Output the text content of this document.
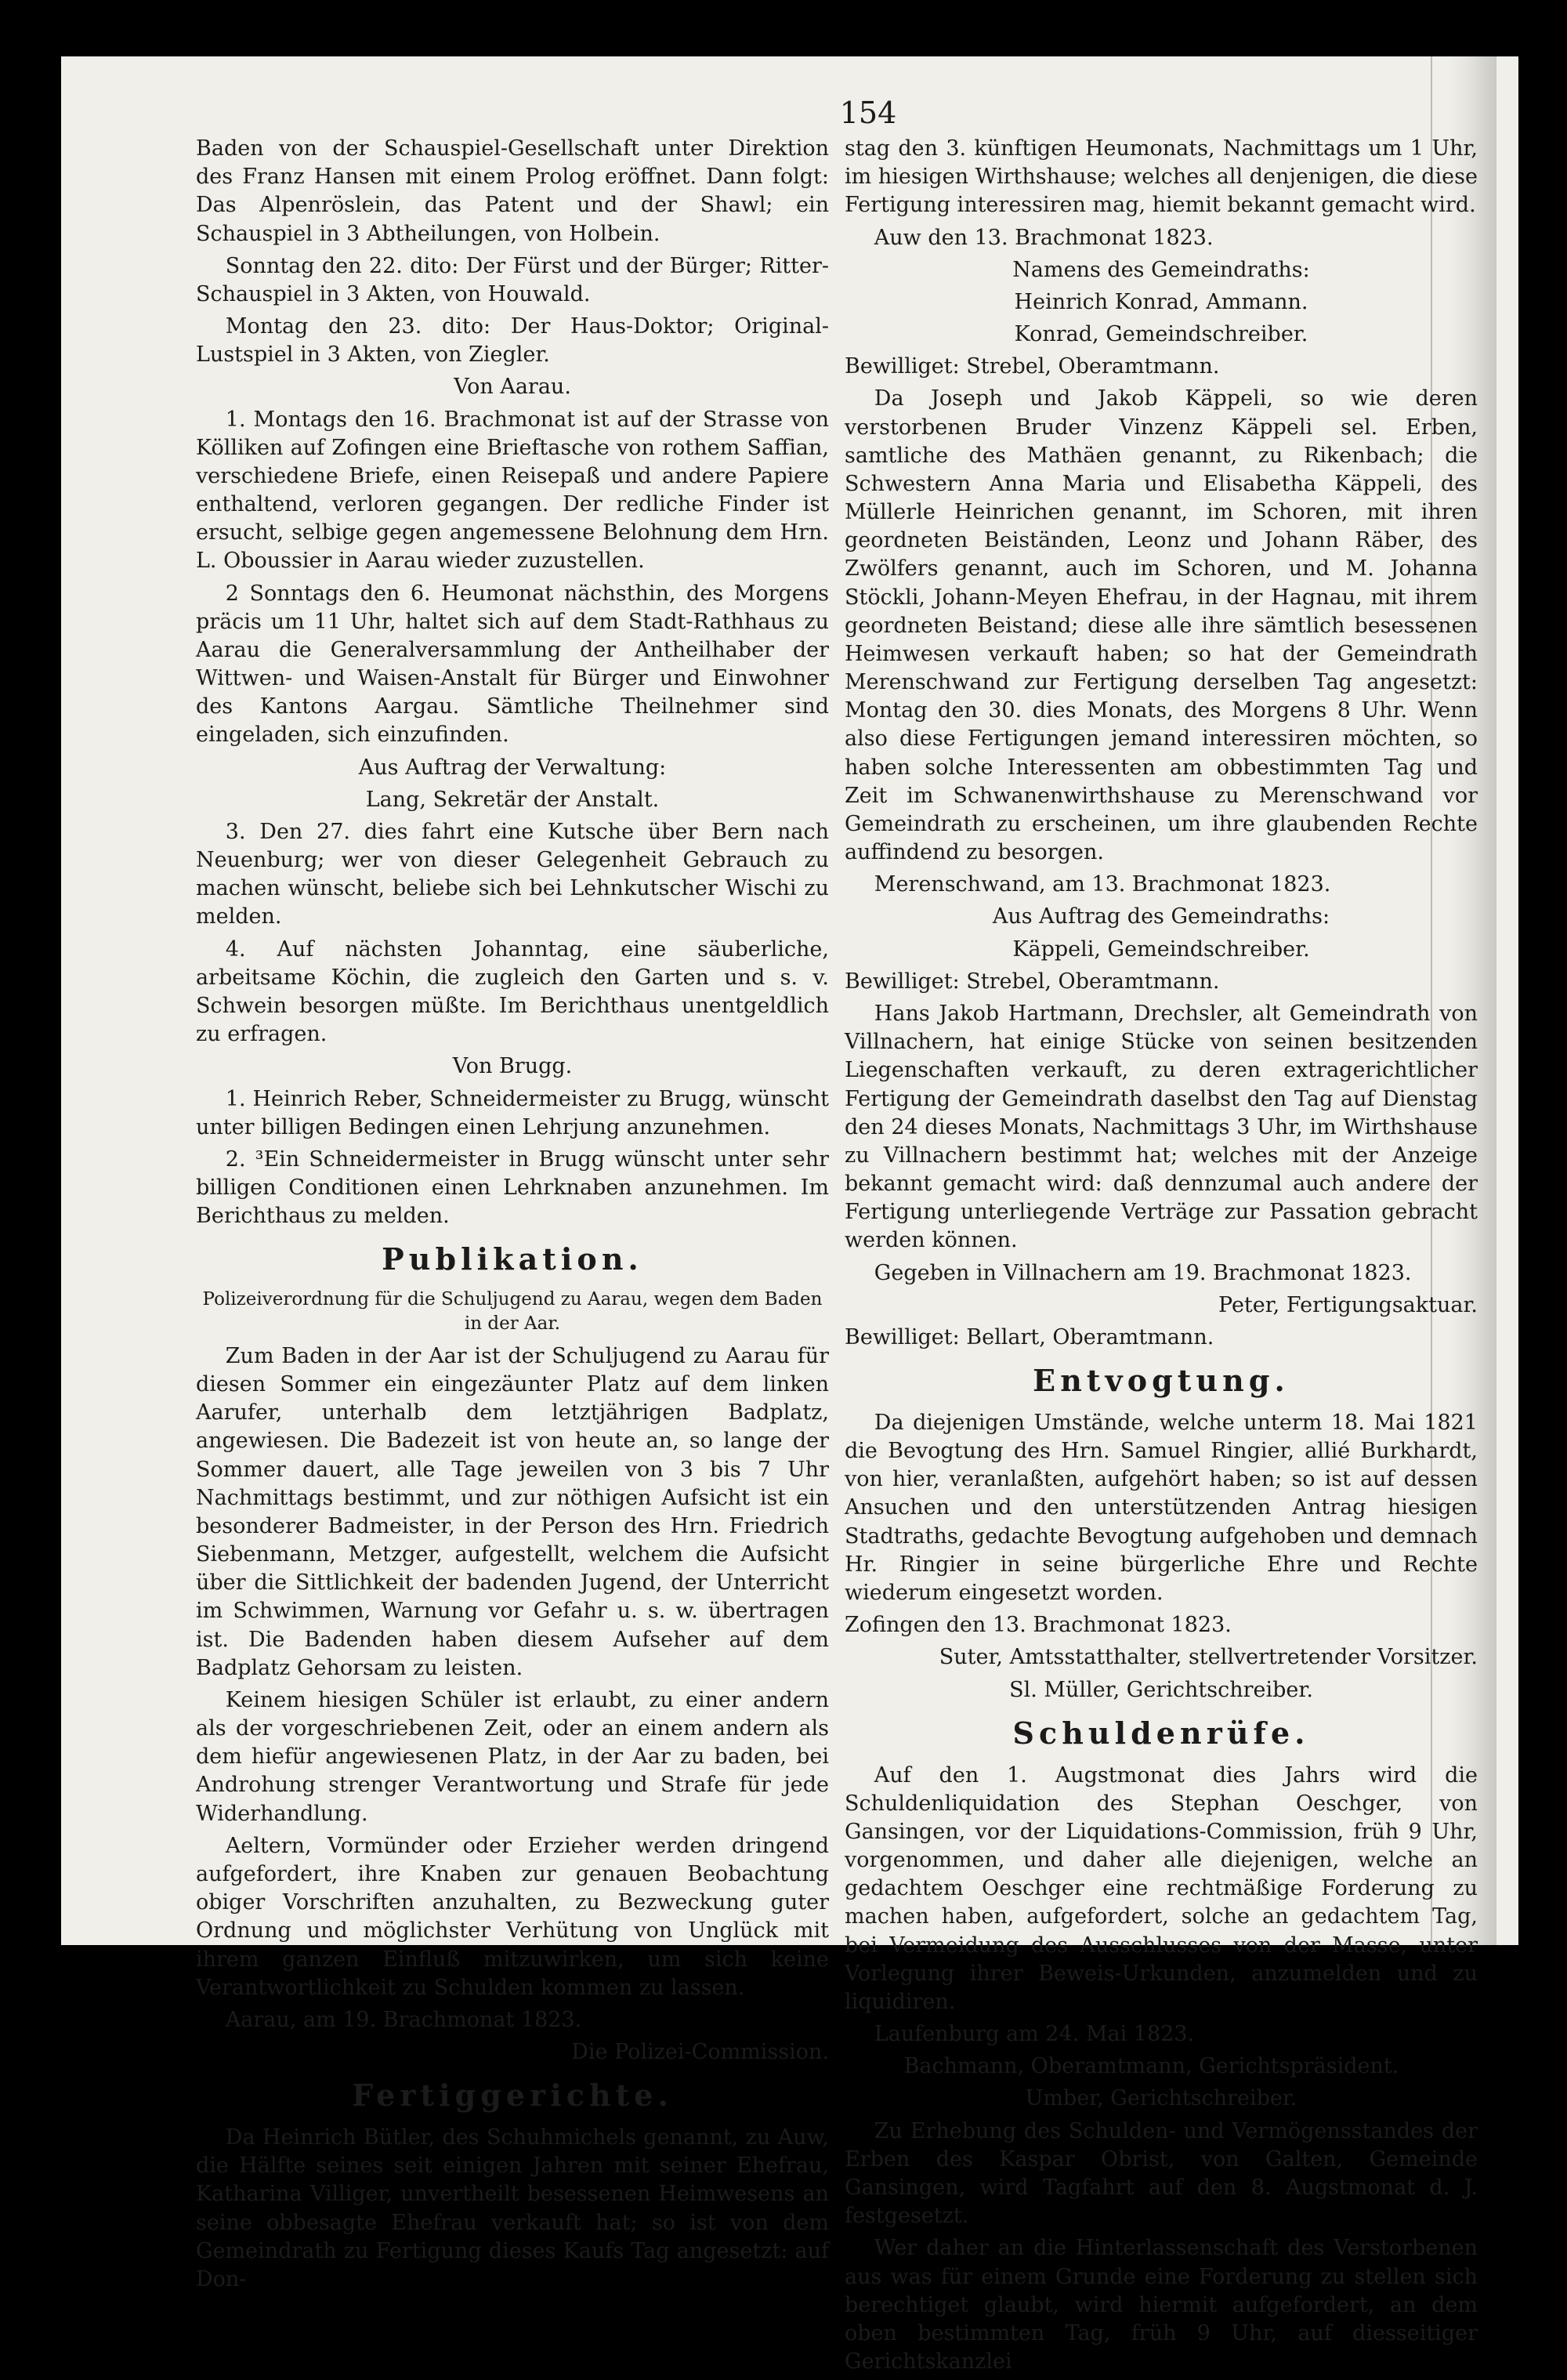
154

Baden von der Schauspiel-Gesellschaft unter Direktion des Franz Hansen mit einem Prolog eröffnet. Dann folgt: Das Alpenröslein, das Patent und der Shawl; ein Schauspiel in 3 Abtheilungen, von Holbein.

Sonntag den 22. dito: Der Fürst und der Bürger; Ritter-Schauspiel in 3 Akten, von Houwald.

Montag den 23. dito: Der Haus-Doktor; Original-Lustspiel in 3 Akten, von Ziegler.

Von Aarau.

1. Montags den 16. Brachmonat ist auf der Strasse von Kölliken auf Zofingen eine Brieftasche von rothem Saffian, verschiedene Briefe, einen Reisepaß und andere Papiere enthaltend, verloren gegangen. Der redliche Finder ist ersucht, selbige gegen angemessene Belohnung dem Hrn. L. Oboussier in Aarau wieder zuzustellen.

2 Sonntags den 6. Heumonat nächsthin, des Morgens präcis um 11 Uhr, haltet sich auf dem Stadt-Rathhaus zu Aarau die Generalversammlung der Antheilhaber der Wittwen- und Waisen-Anstalt für Bürger und Einwohner des Kantons Aargau. Sämtliche Theilnehmer sind eingeladen, sich einzufinden.

Aus Auftrag der Verwaltung:

Lang, Sekretär der Anstalt.

3. Den 27. dies fahrt eine Kutsche über Bern nach Neuenburg; wer von dieser Gelegenheit Gebrauch zu machen wünscht, beliebe sich bei Lehnkutscher Wischi zu melden.

4. Auf nächsten Johanntag, eine säuberliche, arbeitsame Köchin, die zugleich den Garten und s. v. Schwein besorgen müßte. Im Berichthaus unentgeldlich zu erfragen.

Von Brugg.

1. Heinrich Reber, Schneidermeister zu Brugg, wünscht unter billigen Bedingen einen Lehrjung anzunehmen.

2. ³Ein Schneidermeister in Brugg wünscht unter sehr billigen Conditionen einen Lehrknaben anzunehmen. Im Berichthaus zu melden.

Publikation.
Polizeiverordnung für die Schuljugend zu Aarau, wegen dem Baden in der Aar.

Zum Baden in der Aar ist der Schuljugend zu Aarau für diesen Sommer ein eingezäunter Platz auf dem linken Aarufer, unterhalb dem letztjährigen Badplatz, angewiesen. Die Badezeit ist von heute an, so lange der Sommer dauert, alle Tage jeweilen von 3 bis 7 Uhr Nachmittags bestimmt, und zur nöthigen Aufsicht ist ein besonderer Badmeister, in der Person des Hrn. Friedrich Siebenmann, Metzger, aufgestellt, welchem die Aufsicht über die Sittlichkeit der badenden Jugend, der Unterricht im Schwimmen, Warnung vor Gefahr u. s. w. übertragen ist. Die Badenden haben diesem Aufseher auf dem Badplatz Gehorsam zu leisten.

Keinem hiesigen Schüler ist erlaubt, zu einer andern als der vorgeschriebenen Zeit, oder an einem andern als dem hiefür angewiesenen Platz, in der Aar zu baden, bei Androhung strenger Verantwortung und Strafe für jede Widerhandlung.

Aeltern, Vormünder oder Erzieher werden dringend aufgefordert, ihre Knaben zur genauen Beobachtung obiger Vorschriften anzuhalten, zu Bezweckung guter Ordnung und möglichster Verhütung von Unglück mit ihrem ganzen Einfluß mitzuwirken, um sich keine Verantwortlichkeit zu Schulden kommen zu lassen.

Aarau, am 19. Brachmonat 1823.

Die Polizei-Commission.

Fertiggerichte.

Da Heinrich Bütler, des Schuhmichels genannt, zu Auw, die Hälfte seines seit einigen Jahren mit seiner Ehefrau, Katharina Villiger, unvertheilt besessenen Heimwesens an seine obbesagte Ehefrau verkauft hat; so ist von dem Gemeindrath zu Fertigung dieses Kaufs Tag angesetzt: auf Don-

stag den 3. künftigen Heumonats, Nachmittags um 1 Uhr, im hiesigen Wirthshause; welches all denjenigen, die diese Fertigung interessiren mag, hiemit bekannt gemacht wird.

Auw den 13. Brachmonat 1823.

Namens des Gemeindraths:

Heinrich Konrad, Ammann.

Konrad, Gemeindschreiber.

Bewilliget: Strebel, Oberamtmann.

Da Joseph und Jakob Käppeli, so wie deren verstorbenen Bruder Vinzenz Käppeli sel. Erben, samtliche des Mathäen genannt, zu Rikenbach; die Schwestern Anna Maria und Elisabetha Käppeli, des Müllerle Heinrichen genannt, im Schoren, mit ihren geordneten Beiständen, Leonz und Johann Räber, des Zwölfers genannt, auch im Schoren, und M. Johanna Stöckli, Johann-Meyen Ehefrau, in der Hagnau, mit ihrem geordneten Beistand; diese alle ihre sämtlich besessenen Heimwesen verkauft haben; so hat der Gemeindrath Merenschwand zur Fertigung derselben Tag angesetzt: Montag den 30. dies Monats, des Morgens 8 Uhr. Wenn also diese Fertigungen jemand interessiren möchten, so haben solche Interessenten am obbestimmten Tag und Zeit im Schwanenwirthshause zu Merenschwand vor Gemeindrath zu erscheinen, um ihre glaubenden Rechte auffindend zu besorgen.

Merenschwand, am 13. Brachmonat 1823.

Aus Auftrag des Gemeindraths:

Käppeli, Gemeindschreiber.

Bewilliget: Strebel, Oberamtmann.

Hans Jakob Hartmann, Drechsler, alt Gemeindrath von Villnachern, hat einige Stücke von seinen besitzenden Liegenschaften verkauft, zu deren extragerichtlicher Fertigung der Gemeindrath daselbst den Tag auf Dienstag den 24 dieses Monats, Nachmittags 3 Uhr, im Wirthshause zu Villnachern bestimmt hat; welches mit der Anzeige bekannt gemacht wird: daß dennzumal auch andere der Fertigung unterliegende Verträge zur Passation gebracht werden können.

Gegeben in Villnachern am 19. Brachmonat 1823.

Peter, Fertigungsaktuar.

Bewilliget: Bellart, Oberamtmann.

Entvogtung.

Da diejenigen Umstände, welche unterm 18. Mai 1821 die Bevogtung des Hrn. Samuel Ringier, allié Burkhardt, von hier, veranlaßten, aufgehört haben; so ist auf dessen Ansuchen und den unterstützenden Antrag hiesigen Stadtraths, gedachte Bevogtung aufgehoben und demnach Hr. Ringier in seine bürgerliche Ehre und Rechte wiederum eingesetzt worden.

Zofingen den 13. Brachmonat 1823.

Suter, Amtsstatthalter, stellvertretender Vorsitzer.

Sl. Müller, Gerichtschreiber.

Schuldenrüfe.

Auf den 1. Augstmonat dies Jahrs wird die Schuldenliquidation des Stephan Oeschger, von Gansingen, vor der Liquidations-Commission, früh 9 Uhr, vorgenommen, und daher alle diejenigen, welche an gedachtem Oeschger eine rechtmäßige Forderung zu machen haben, aufgefordert, solche an gedachtem Tag, bei Vermeidung des Ausschlusses von der Masse, unter Vorlegung ihrer Beweis-Urkunden, anzumelden und zu liquidiren.

Laufenburg am 24. Mai 1823.

Bachmann, Oberamtmann, Gerichtspräsident.

Umber, Gerichtschreiber.

Zu Erhebung des Schulden- und Vermögensstandes der Erben des Kaspar Obrist, von Galten, Gemeinde Gansingen, wird Tagfahrt auf den 8. Augstmonat d. J. festgesetzt.

Wer daher an die Hinterlassenschaft des Verstorbenen aus was für einem Grunde eine Forderung zu stellen sich berechtiget glaubt, wird hiermit aufgefordert, an dem oben bestimmten Tag, früh 9 Uhr, auf diesseitiger Gerichtskanzlei
